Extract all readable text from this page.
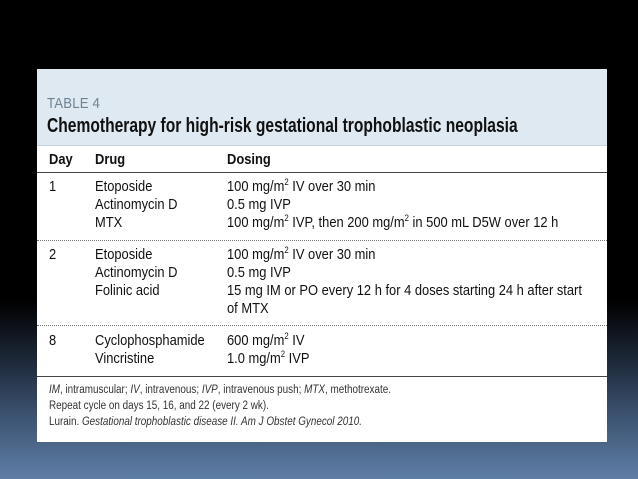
TABLE 4
Chemotherapy for high-risk gestational trophoblastic neoplasia
Day Drug	Dosing
1	Etoposide	100 $mg/m^2$ IV over 30 min
Actinomycin D	0.5 mg IVP
MTX	100 $mg/m^2$ IVP, then 200 $mg/m^2$ in 500 mL D5W over 12 h
2	Etoposide	100 $mg/m^2$ IV over 30 min
Actinomycin D	0.5 mg IVP
Folinic acid	15 mg IM or PO every 12 h for 4 doses starting 24 h after start
of MTX
8	Cyclophosphamide 600 $mg/m^2$ IV
Vincristine	1.0 $mg/m^2$ IVP
IM, intramuscular; IV, intravenous; IVP, intravenous push; MTX, methotrexate.
Repeat cycle on days 15, 16, and 22 (every 2 wk).
Lurain. Gestational trophoblastic disease II. Am J Obstet Gynecol 2010.
